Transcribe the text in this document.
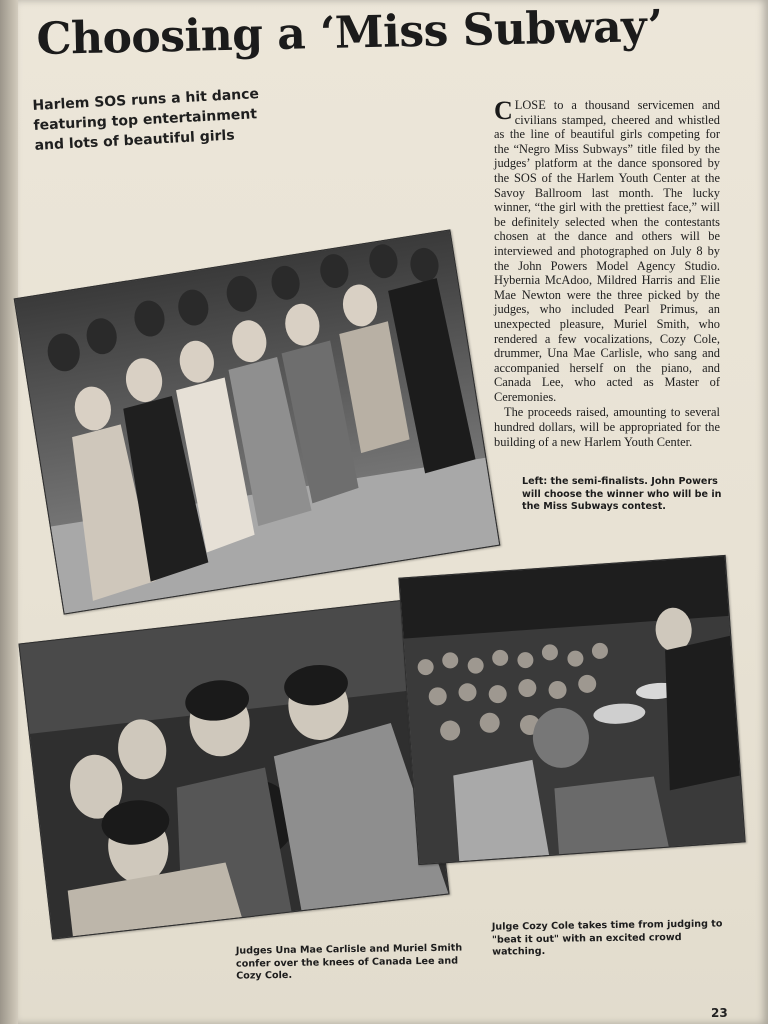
Choosing a ‘Miss Subway’
Harlem SOS runs a hit dance
featuring top entertainment
and lots of beautiful girls

CLOSE to a thousand servicemen and civilians stamped, cheered and whistled as the line of beautiful girls competing for the “Negro Miss Subways” title filed by the judges’ platform at the dance sponsored by the SOS of the Harlem Youth Center at the Savoy Ballroom last month. The lucky winner, “the girl with the prettiest face,” will be definitely selected when the contestants chosen at the dance and others will be interviewed and photographed on July 8 by the John Powers Model Agency Studio. Hybernia McAdoo, Mildred Harris and Elie Mae Newton were the three picked by the judges, who included Pearl Primus, an unexpected pleasure, Muriel Smith, who rendered a few vocalizations, Cozy Cole, drummer, Una Mae Carlisle, who sang and accompanied herself on the piano, and Canada Lee, who acted as Master of Ceremonies.

The proceeds raised, amounting to several hundred dollars, will be appropriated for the building of a new Harlem Youth Center.

Left: the semi-finalists. John Powers will choose the winner who will be in the Miss Subways contest.
Judges Una Mae Carlisle and Muriel Smith confer over the knees of Canada Lee and Cozy Cole.
Julge Cozy Cole takes time from judging to "beat it out" with an excited crowd watching.
23
